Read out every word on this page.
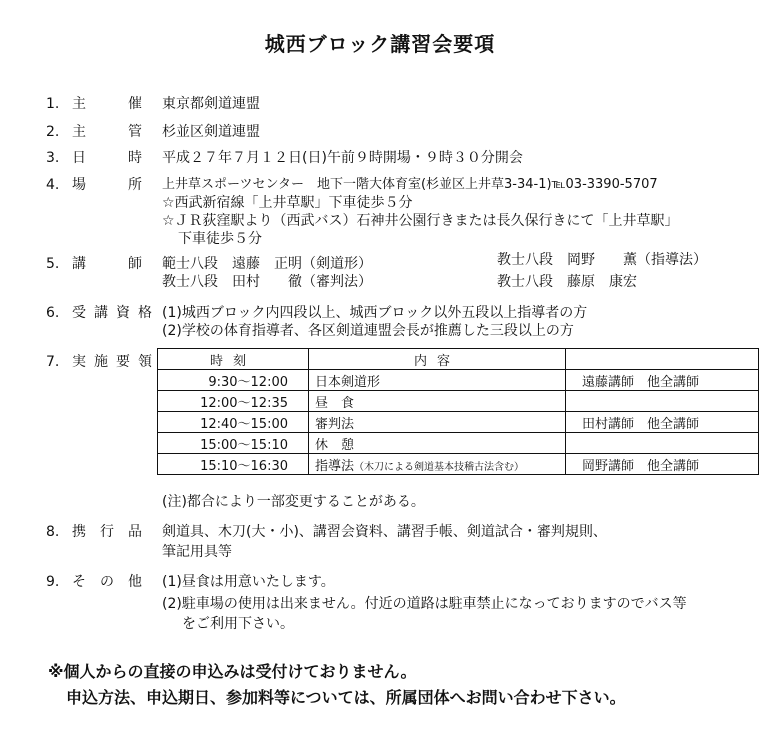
城西ブロック講習会要項
1. 主	催 東京都剣道連盟
2. 主	管 杉並区剣道連盟
3. 日	時 平成２７年７月１２日(日)午前９時開場・９時３０分開会
4. 場	所 上井草スポーツセンター　地下一階大体育室(杉並区上井草3-34-1)℡03-3390-5707
☆西武新宿線「上井草駅」下車徒歩５分
☆ＪＲ荻窪駅より（西武バス）石神井公園行きまたは長久保行きにて「上井草駅」
下車徒歩５分
5. 講	師 範士八段　遠藤　正明（剣道形）	教士八段　岡野　　薫（指導法）
教士八段　田村　　徹（審判法）	教士八段　藤原　康宏
6. 受 講 資 格 (1)城西ブロック内四段以上、城西ブロック以外五段以上指導者の方
(2)学校の体育指導者、各区剣道連盟会長が推薦した三段以上の方
7. 実 施 要 領	時刻	内容	
9:30～12:00	日本剣道形	遠藤講師　他全講師
12:00～12:35	昼　食	
12:40～15:00	審判法	田村講師　他全講師
15:00～15:10	休　憩	
15:10～16:30	指導法（木刀による剣道基本技稽古法含む）	岡野講師　他全講師
(注)都合により一部変更することがある。
8. 携 行 品 剣道具、木刀(大・小)、講習会資料、講習手帳、剣道試合・審判規則、
筆記用具等
9. そ の 他 (1)昼食は用意いたします。
(2)駐車場の使用は出来ません。付近の道路は駐車禁止になっておりますのでバス等
をご利用下さい。
※個人からの直接の申込みは受付けておりません。
申込方法、申込期日、参加料等については、所属団体へお問い合わせ下さい。
